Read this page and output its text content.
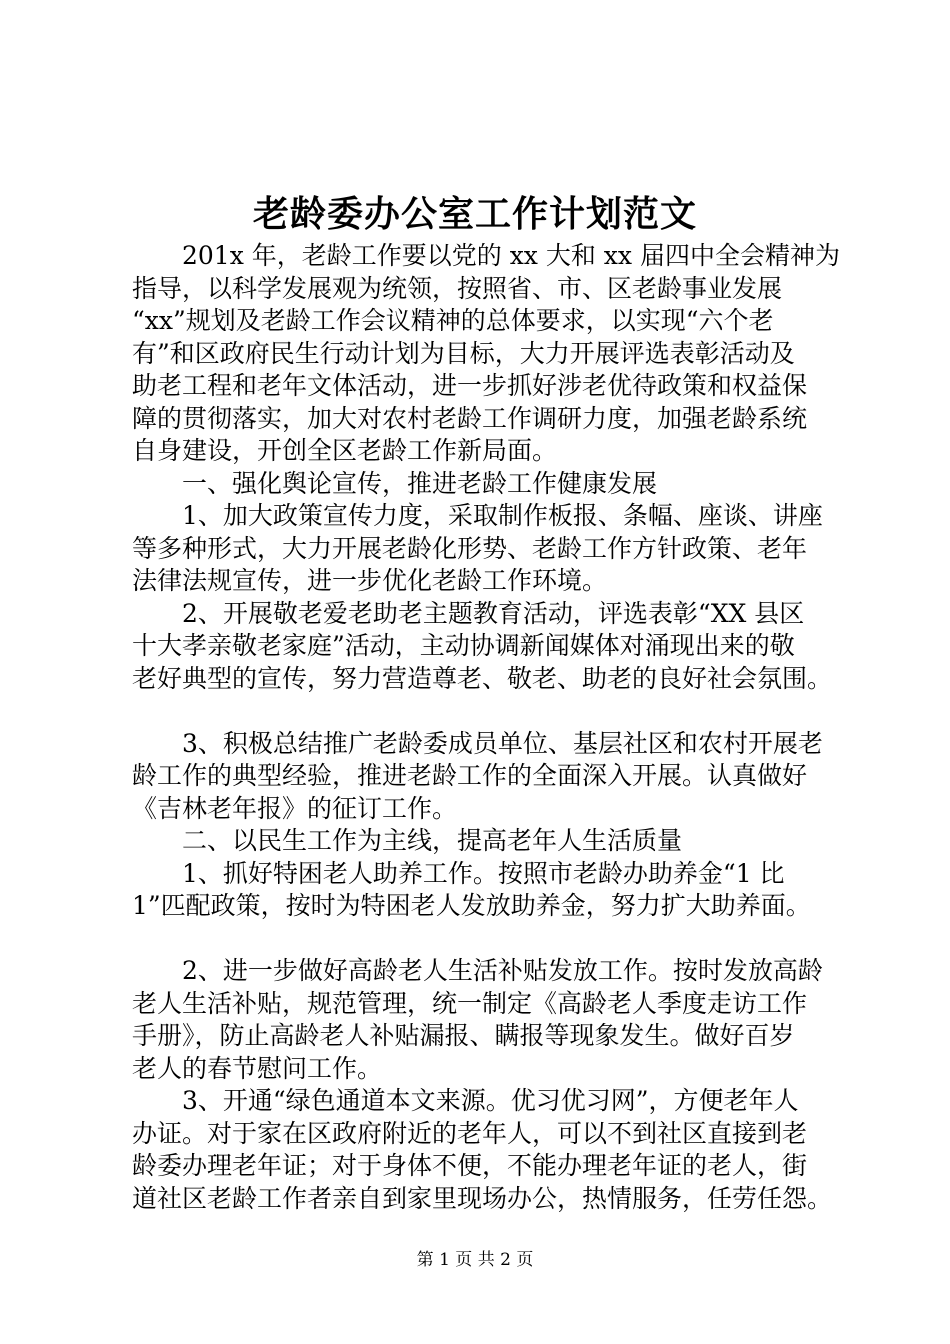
老龄委办公室工作计划范文

　　201x 年，老龄工作要以党的 xx 大和 xx 届四中全会精神为

指导，以科学发展观为统领，按照省、市、区老龄事业发展

“xx”规划及老龄工作会议精神的总体要求，以实现“六个老

有”和区政府民生行动计划为目标，大力开展评选表彰活动及

助老工程和老年文体活动，进一步抓好涉老优待政策和权益保

障的贯彻落实，加大对农村老龄工作调研力度，加强老龄系统

自身建设，开创全区老龄工作新局面。

　　一、强化舆论宣传，推进老龄工作健康发展

　　1、加大政策宣传力度，采取制作板报、条幅、座谈、讲座

等多种形式，大力开展老龄化形势、老龄工作方针政策、老年

法律法规宣传，进一步优化老龄工作环境。

　　2、开展敬老爱老助老主题教育活动，评选表彰“XX 县区

十大孝亲敬老家庭”活动，主动协调新闻媒体对涌现出来的敬

老好典型的宣传，努力营造尊老、敬老、助老的良好社会氛围。

　　3、积极总结推广老龄委成员单位、基层社区和农村开展老

龄工作的典型经验，推进老龄工作的全面深入开展。认真做好

《吉林老年报》的征订工作。

　　二、以民生工作为主线，提高老年人生活质量

　　1、抓好特困老人助养工作。按照市老龄办助养金“1 比

1”匹配政策，按时为特困老人发放助养金，努力扩大助养面。

　　2、进一步做好高龄老人生活补贴发放工作。按时发放高龄

老人生活补贴，规范管理，统一制定《高龄老人季度走访工作

手册》，防止高龄老人补贴漏报、瞒报等现象发生。做好百岁

老人的春节慰问工作。

　　3、开通“绿色通道本文来源。优习优习网”，方便老年人

办证。对于家在区政府附近的老年人，可以不到社区直接到老

龄委办理老年证；对于身体不便，不能办理老年证的老人，街

道社区老龄工作者亲自到家里现场办公，热情服务，任劳任怨。

第 1 页 共 2 页
